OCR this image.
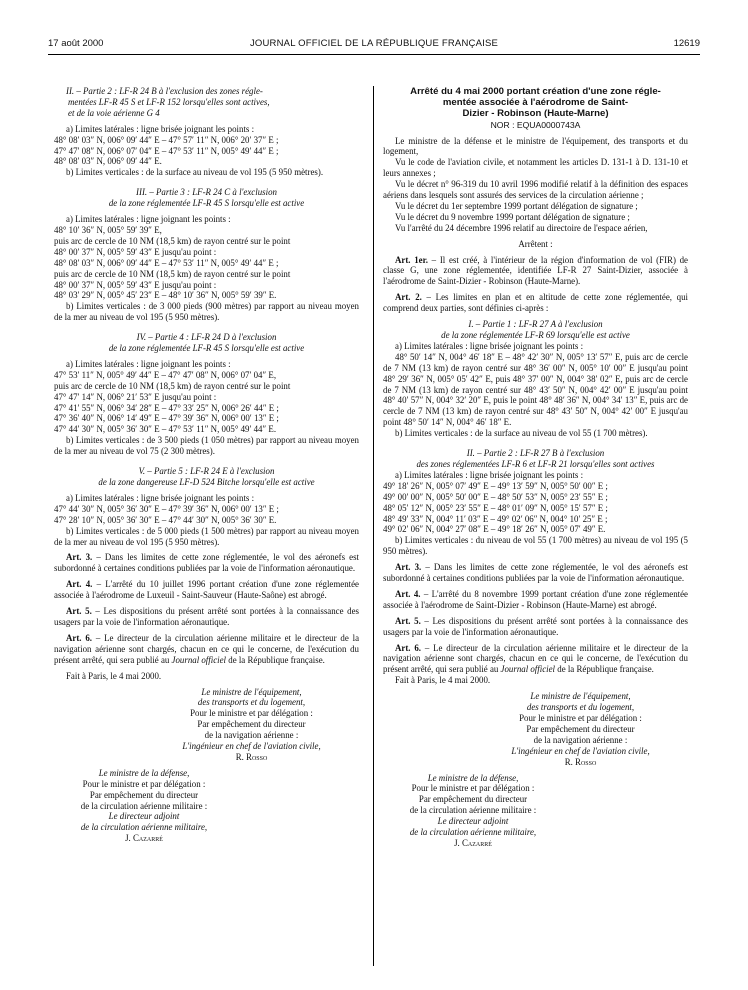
17 août 2000	JOURNAL OFFICIEL DE LA RÉPUBLIQUE FRANÇAISE	12619

II. – Partie 2 : LF-R 24 B à l'exclusion des zones régle-
mentées LF-R 45 S et LF-R 152 lorsqu'elles sont actives,
et de la voie aérienne G 4

a) Limites latérales : ligne brisée joignant les points :

48° 08′ 03″ N, 006° 09′ 44″ E – 47° 57′ 11″ N, 006° 20′ 37″ E ;

47° 47′ 08″ N, 006° 07′ 04″ E – 47° 53′ 11″ N, 005° 49′ 44″ E ;

48° 08′ 03″ N, 006° 09′ 44″ E.

b) Limites verticales : de la surface au niveau de vol 195 (5 950 mètres).

III. – Partie 3 : LF-R 24 C à l'exclusion
de la zone réglementée LF-R 45 S lorsqu'elle est active

a) Limites latérales : ligne joignant les points :

48° 10′ 36″ N, 005° 59′ 39″ E,

puis arc de cercle de 10 NM (18,5 km) de rayon centré sur le point

48° 00′ 37″ N, 005° 59′ 43″ E jusqu'au point :

48° 08′ 03″ N, 006° 09′ 44″ E – 47° 53′ 11″ N, 005° 49′ 44″ E ;

puis arc de cercle de 10 NM (18,5 km) de rayon centré sur le point

48° 00′ 37″ N, 005° 59′ 43″ E jusqu'au point :

48° 03′ 29″ N, 005° 45′ 23″ E – 48° 10′ 36″ N, 005° 59′ 39″ E.

b) Limites verticales : de 3 000 pieds (900 mètres) par rapport au niveau moyen de la mer au niveau de vol 195 (5 950 mètres).

IV. – Partie 4 : LF-R 24 D à l'exclusion
de la zone réglementée LF-R 45 S lorsqu'elle est active

a) Limites latérales : ligne joignant les points :

47° 53′ 11″ N, 005° 49′ 44″ E – 47° 47′ 08″ N, 006° 07′ 04″ E,

puis arc de cercle de 10 NM (18,5 km) de rayon centré sur le point

47° 47′ 14″ N, 006° 21′ 53″ E jusqu'au point :

47° 41′ 55″ N, 006° 34′ 28″ E – 47° 33′ 25″ N, 006° 26′ 44″ E ;

47° 36′ 40″ N, 006° 14′ 49″ E – 47° 39′ 36″ N, 006° 00′ 13″ E ;

47° 44′ 30″ N, 005° 36′ 30″ E – 47° 53′ 11″ N, 005° 49′ 44″ E.

b) Limites verticales : de 3 500 pieds (1 050 mètres) par rapport au niveau moyen de la mer au niveau de vol 75 (2 300 mètres).

V. – Partie 5 : LF-R 24 E à l'exclusion
de la zone dangereuse LF-D 524 Bitche lorsqu'elle est active

a) Limites latérales : ligne brisée joignant les points :

47° 44′ 30″ N, 005° 36′ 30″ E – 47° 39′ 36″ N, 006° 00′ 13″ E ;

47° 28′ 10″ N, 005° 36′ 30″ E – 47° 44′ 30″ N, 005° 36′ 30″ E.

b) Limites verticales : de 5 000 pieds (1 500 mètres) par rapport au niveau moyen de la mer au niveau de vol 195 (5 950 mètres).

Art. 3. – Dans les limites de cette zone réglementée, le vol des aéronefs est subordonné à certaines conditions publiées par la voie de l'information aéronautique.

Art. 4. – L'arrêté du 10 juillet 1996 portant création d'une zone réglementée associée à l'aérodrome de Luxeuil - Saint-Sauveur (Haute-Saône) est abrogé.

Art. 5. – Les dispositions du présent arrêté sont portées à la connaissance des usagers par la voie de l'information aéronautique.

Art. 6. – Le directeur de la circulation aérienne militaire et le directeur de la navigation aérienne sont chargés, chacun en ce qui le concerne, de l'exécution du présent arrêté, qui sera publié au Journal officiel de la République française.

Fait à Paris, le 4 mai 2000.

Le ministre de l'équipement,

des transports et du logement,

Pour le ministre et par délégation :

Par empêchement du directeur

de la navigation aérienne :

L'ingénieur en chef de l'aviation civile,

R. Rosso

Le ministre de la défense,

Pour le ministre et par délégation :

Par empêchement du directeur

de la circulation aérienne militaire :

Le directeur adjoint

de la circulation aérienne militaire,

J. Cazarré

Arrêté du 4 mai 2000 portant création d'une zone régle-
mentée associée à l'aérodrome de Saint-
Dizier - Robinson (Haute-Marne)

NOR : EQUA0000743A

Le ministre de la défense et le ministre de l'équipement, des transports et du logement,

Vu le code de l'aviation civile, et notamment les articles D. 131-1 à D. 131-10 et leurs annexes ;

Vu le décret n° 96-319 du 10 avril 1996 modifié relatif à la définition des espaces aériens dans lesquels sont assurés des services de la circulation aérienne ;

Vu le décret du 1er septembre 1999 portant délégation de signature ;

Vu le décret du 9 novembre 1999 portant délégation de signature ;

Vu l'arrêté du 24 décembre 1996 relatif au directoire de l'espace aérien,

Arrêtent :

Art. 1er. – Il est créé, à l'intérieur de la région d'information de vol (FIR) de classe G, une zone réglementée, identifiée LF-R 27 Saint-Dizier, associée à l'aérodrome de Saint-Dizier - Robinson (Haute-Marne).

Art. 2. – Les limites en plan et en altitude de cette zone réglementée, qui comprend deux parties, sont définies ci-après :

I. – Partie 1 : LF-R 27 A à l'exclusion
de la zone réglementée LF-R 69 lorsqu'elle est active

a) Limites latérales : ligne brisée joignant les points :

48° 50′ 14″ N, 004° 46′ 18″ E – 48° 42′ 30″ N, 005° 13′ 57″ E, puis arc de cercle de 7 NM (13 km) de rayon centré sur 48° 36′ 00″ N, 005° 10′ 00″ E jusqu'au point 48° 29′ 36″ N, 005° 05′ 42″ E, puis 48° 37′ 00″ N, 004° 38′ 02″ E, puis arc de cercle de 7 NM (13 km) de rayon centré sur 48° 43′ 50″ N, 004° 42′ 00″ E jusqu'au point 48° 40′ 57″ N, 004° 32′ 20″ E, puis le point 48° 48′ 36″ N, 004° 34′ 13″ E, puis arc de cercle de 7 NM (13 km) de rayon centré sur 48° 43′ 50″ N, 004° 42′ 00″ E jusqu'au point 48° 50′ 14″ N, 004° 46′ 18″ E.

b) Limites verticales : de la surface au niveau de vol 55 (1 700 mètres).

II. – Partie 2 : LF-R 27 B à l'exclusion
des zones réglementées LF-R 6 et LF-R 21 lorsqu'elles sont actives

a) Limites latérales : ligne brisée joignant les points :

49° 18′ 26″ N, 005° 07′ 49″ E – 49° 13′ 59″ N, 005° 50′ 00″ E ;

49° 00′ 00″ N, 005° 50′ 00″ E – 48° 50′ 53″ N, 005° 23′ 55″ E ;

48° 05′ 12″ N, 005° 23′ 55″ E – 48° 01′ 09″ N, 005° 15′ 57″ E ;

48° 49′ 33″ N, 004° 11′ 03″ E – 49° 02′ 06″ N, 004° 10′ 25″ E ;

49° 02′ 06″ N, 004° 27′ 08″ E – 49° 18′ 26″ N, 005° 07′ 49″ E.

b) Limites verticales : du niveau de vol 55 (1 700 mètres) au niveau de vol 195 (5 950 mètres).

Art. 3. – Dans les limites de cette zone réglementée, le vol des aéronefs est subordonné à certaines conditions publiées par la voie de l'information aéronautique.

Art. 4. – L'arrêté du 8 novembre 1999 portant création d'une zone réglementée associée à l'aérodrome de Saint-Dizier - Robinson (Haute-Marne) est abrogé.

Art. 5. – Les dispositions du présent arrêté sont portées à la connaissance des usagers par la voie de l'information aéronautique.

Art. 6. – Le directeur de la circulation aérienne militaire et le directeur de la navigation aérienne sont chargés, chacun en ce qui le concerne, de l'exécution du présent arrêté, qui sera publié au Journal officiel de la République française.

Fait à Paris, le 4 mai 2000.

Le ministre de l'équipement,

des transports et du logement,

Pour le ministre et par délégation :

Par empêchement du directeur

de la navigation aérienne :

L'ingénieur en chef de l'aviation civile,

R. Rosso

Le ministre de la défense,

Pour le ministre et par délégation :

Par empêchement du directeur

de la circulation aérienne militaire :

Le directeur adjoint

de la circulation aérienne militaire,

J. Cazarré
